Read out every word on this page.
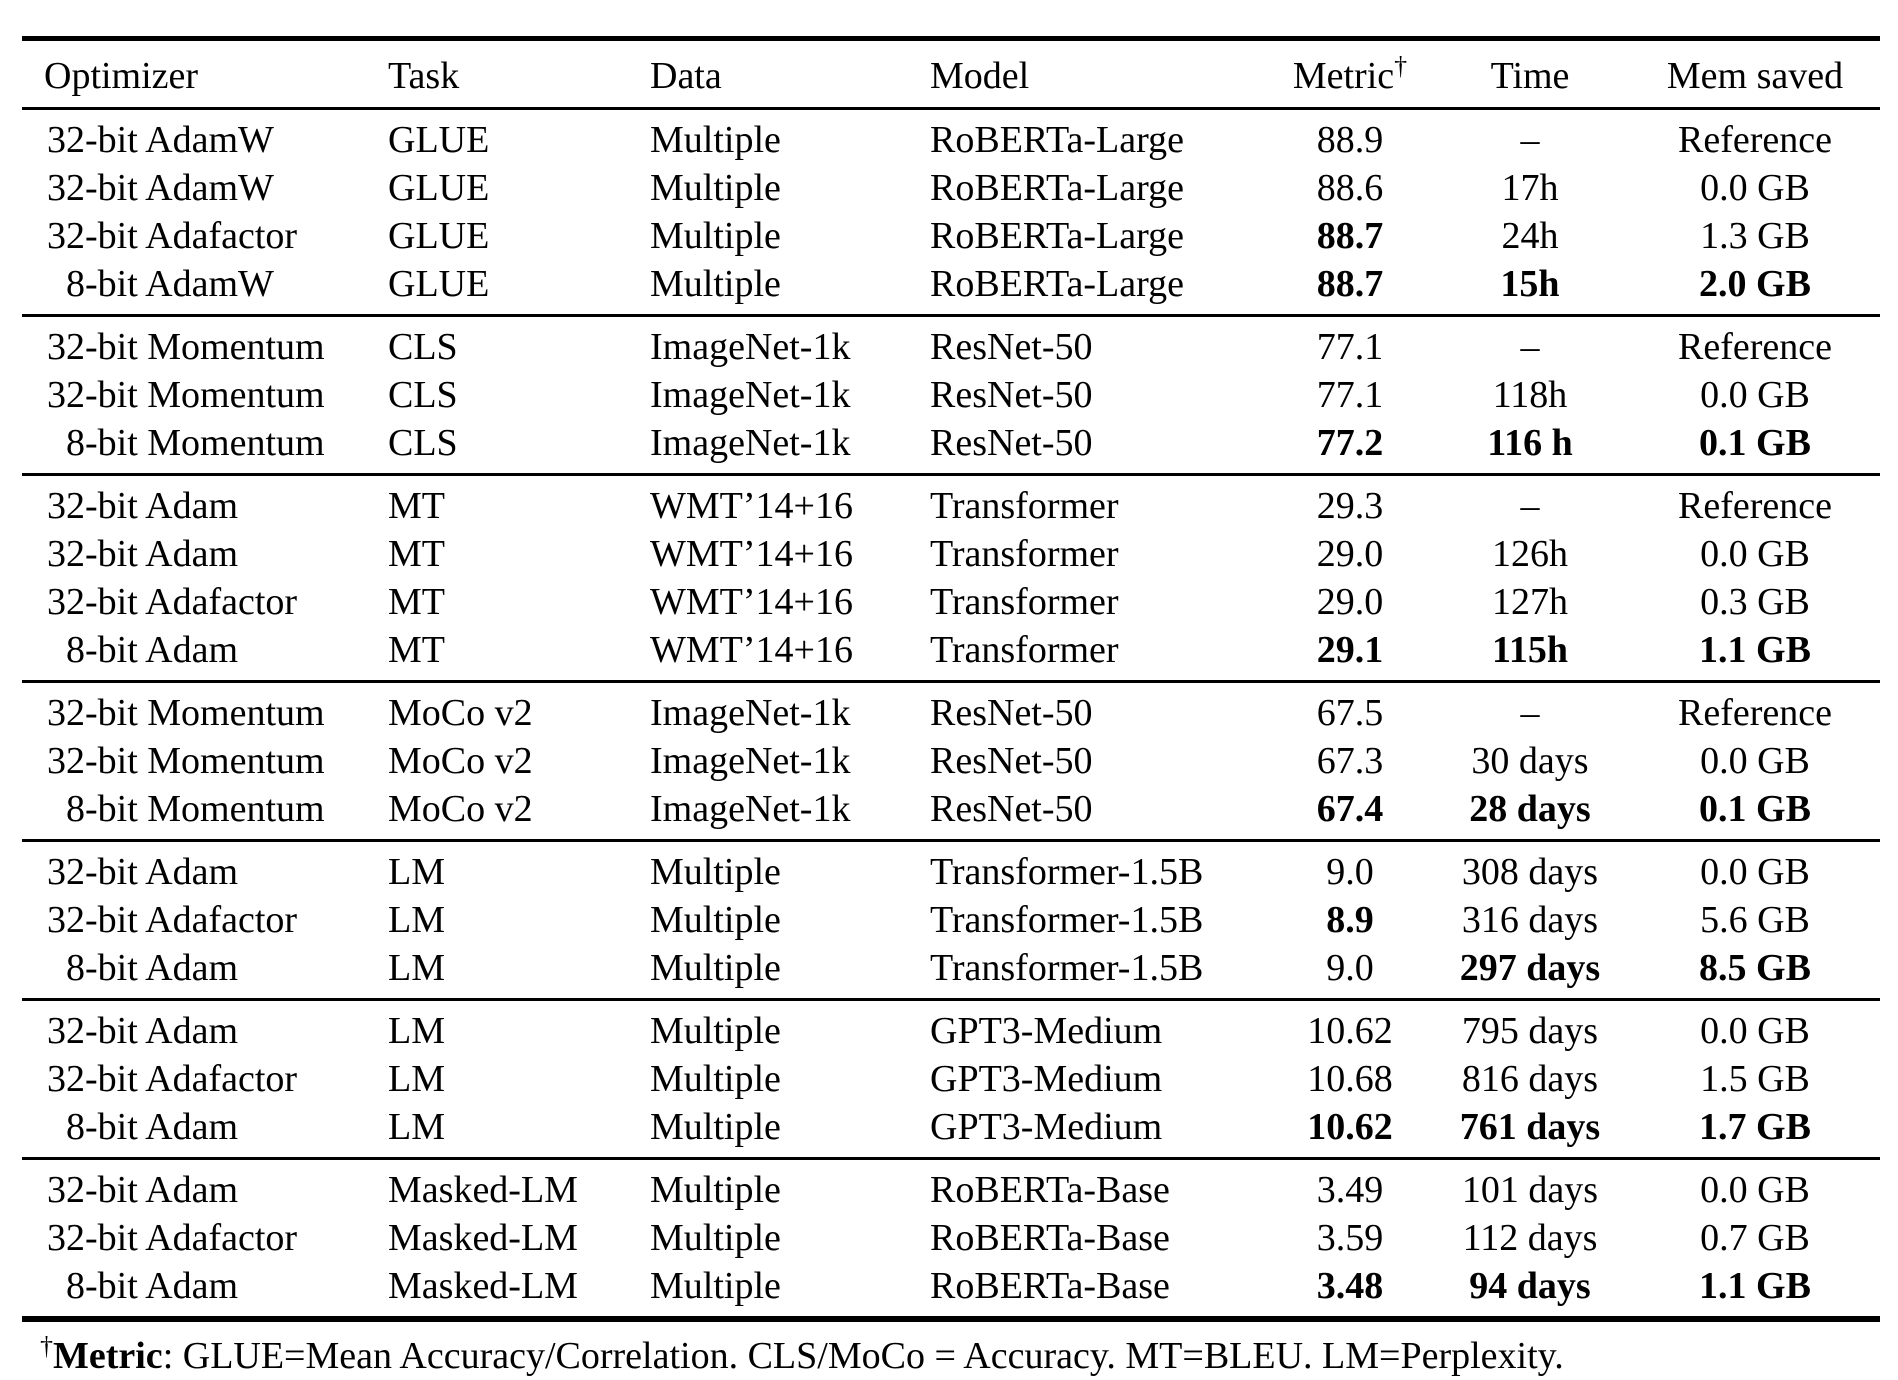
Optimizer	Task	Data	Model	Metric†	Time	Mem saved
32-bit AdamW	GLUE	Multiple	RoBERTa-Large	88.9	–	Reference
32-bit AdamW	GLUE	Multiple	RoBERTa-Large	88.6	17h	0.0 GB
32-bit Adafactor	GLUE	Multiple	RoBERTa-Large	88.7	24h	1.3 GB
8-bit AdamW	GLUE	Multiple	RoBERTa-Large	88.7	15h	2.0 GB
32-bit Momentum	CLS	ImageNet-1k	ResNet-50	77.1	–	Reference
32-bit Momentum	CLS	ImageNet-1k	ResNet-50	77.1	118h	0.0 GB
8-bit Momentum	CLS	ImageNet-1k	ResNet-50	77.2	116 h	0.1 GB
32-bit Adam	MT	WMT’14+16	Transformer	29.3	–	Reference
32-bit Adam	MT	WMT’14+16	Transformer	29.0	126h	0.0 GB
32-bit Adafactor	MT	WMT’14+16	Transformer	29.0	127h	0.3 GB
8-bit Adam	MT	WMT’14+16	Transformer	29.1	115h	1.1 GB
32-bit Momentum	MoCo v2	ImageNet-1k	ResNet-50	67.5	–	Reference
32-bit Momentum	MoCo v2	ImageNet-1k	ResNet-50	67.3	30 days	0.0 GB
8-bit Momentum	MoCo v2	ImageNet-1k	ResNet-50	67.4	28 days	0.1 GB
32-bit Adam	LM	Multiple	Transformer-1.5B	9.0	308 days	0.0 GB
32-bit Adafactor	LM	Multiple	Transformer-1.5B	8.9	316 days	5.6 GB
8-bit Adam	LM	Multiple	Transformer-1.5B	9.0	297 days	8.5 GB
32-bit Adam	LM	Multiple	GPT3-Medium	10.62	795 days	0.0 GB
32-bit Adafactor	LM	Multiple	GPT3-Medium	10.68	816 days	1.5 GB
8-bit Adam	LM	Multiple	GPT3-Medium	10.62	761 days	1.7 GB
32-bit Adam	Masked-LM	Multiple	RoBERTa-Base	3.49	101 days	0.0 GB
32-bit Adafactor	Masked-LM	Multiple	RoBERTa-Base	3.59	112 days	0.7 GB
8-bit Adam	Masked-LM	Multiple	RoBERTa-Base	3.48	94 days	1.1 GB

†Metric: GLUE=Mean Accuracy/Correlation. CLS/MoCo = Accuracy. MT=BLEU. LM=Perplexity.
